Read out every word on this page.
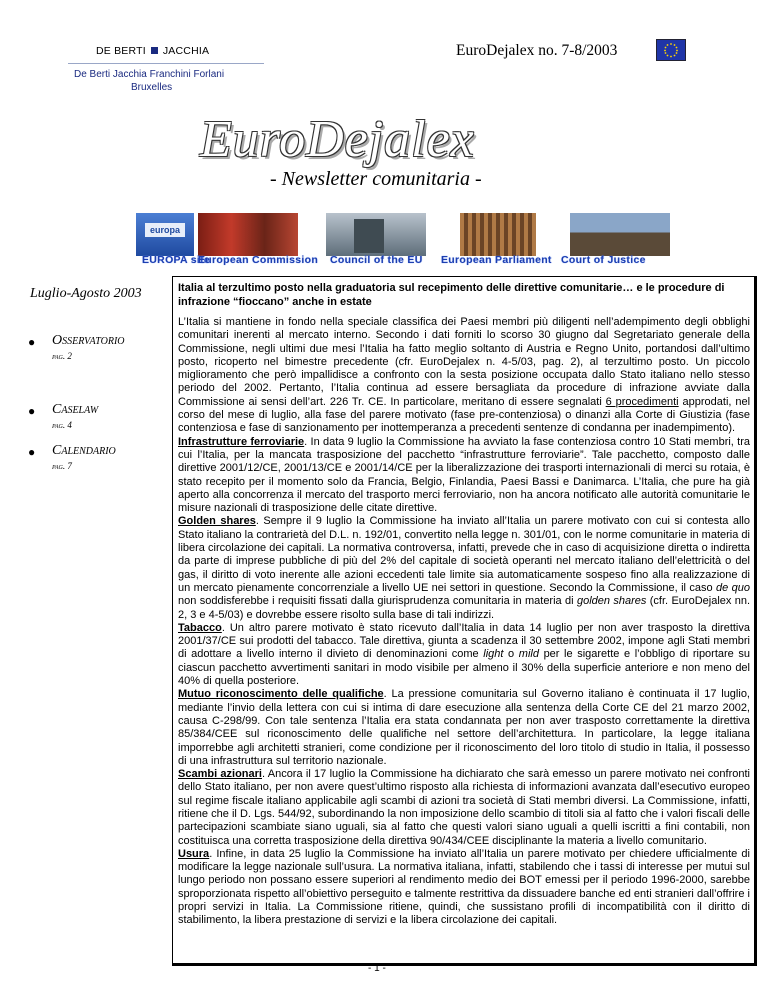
DE BERTI JACCHIA	EuroDejalex no. 7-8/2003
De Berti Jacchia Franchini Forlani
Bruxelles
EuroDejalex
- Newsletter comunitaria -
europa
EUROPA site
European Commission Council of the EU European Parliament Court of Justice
Luglio-Agosto 2003
● Osservatorio
pag. 2
● Caselaw
pag. 4
● Calendario
pag. 7
Italia al terzultimo posto nella graduatoria sul recepimento delle direttive comunitarie… e le procedure di infrazione “fioccano” anche in estate

L’Italia si mantiene in fondo nella speciale classifica dei Paesi membri più diligenti nell’adempimento degli obblighi comunitari inerenti al mercato interno. Secondo i dati forniti lo scorso 30 giugno dal Segretariato generale della Commissione, negli ultimi due mesi l’Italia ha fatto meglio soltanto di Austria e Regno Unito, portandosi dall’ultimo posto, ricoperto nel bimestre precedente (cfr. EuroDejalex n. 4-5/03, pag. 2), al terzultimo posto. Un piccolo miglioramento che però impallidisce a confronto con la sesta posizione occupata dallo Stato italiano nello stesso periodo del 2002. Pertanto, l’Italia continua ad essere bersagliata da procedure di infrazione avviate dalla Commissione ai sensi dell’art. 226 Tr. CE. In particolare, meritano di essere segnalati 6 procedimenti approdati, nel corso del mese di luglio, alla fase del parere motivato (fase pre-contenziosa) o dinanzi alla Corte di Giustizia (fase contenziosa e fase di sanzionamento per inottemperanza a precedenti sentenze di condanna per inadempimento).

Infrastrutture ferroviarie. In data 9 luglio la Commissione ha avviato la fase contenziosa contro 10 Stati membri, tra cui l’Italia, per la mancata trasposizione del pacchetto “infrastrutture ferroviarie”. Tale pacchetto, composto dalle direttive 2001/12/CE, 2001/13/CE e 2001/14/CE per la liberalizzazione dei trasporti internazionali di merci su rotaia, è stato recepito per il momento solo da Francia, Belgio, Finlandia, Paesi Bassi e Danimarca. L’Italia, che pure ha già aperto alla concorrenza il mercato del trasporto merci ferroviario, non ha ancora notificato alle autorità comunitarie le misure nazionali di trasposizione delle citate direttive.

Golden shares. Sempre il 9 luglio la Commissione ha inviato all’Italia un parere motivato con cui si contesta allo Stato italiano la contrarietà del D.L. n. 192/01, convertito nella legge n. 301/01, con le norme comunitarie in materia di libera circolazione dei capitali. La normativa controversa, infatti, prevede che in caso di acquisizione diretta o indiretta da parte di imprese pubbliche di più del 2% del capitale di società operanti nel mercato italiano dell’elettricità o del gas, il diritto di voto inerente alle azioni eccedenti tale limite sia automaticamente sospeso fino alla realizzazione di un mercato pienamente concorrenziale a livello UE nei settori in questione. Secondo la Commissione, il caso de quo non soddisferebbe i requisiti fissati dalla giurisprudenza comunitaria in materia di golden shares (cfr. EuroDejalex nn. 2, 3 e 4-5/03) e dovrebbe essere risolto sulla base di tali indirizzi.

Tabacco. Un altro parere motivato è stato ricevuto dall’Italia in data 14 luglio per non aver trasposto la direttiva 2001/37/CE sui prodotti del tabacco. Tale direttiva, giunta a scadenza il 30 settembre 2002, impone agli Stati membri di adottare a livello interno il divieto di denominazioni come light o mild per le sigarette e l’obbligo di riportare su ciascun pacchetto avvertimenti sanitari in modo visibile per almeno il 30% della superficie anteriore e non meno del 40% di quella posteriore.

Mutuo riconoscimento delle qualifiche. La pressione comunitaria sul Governo italiano è continuata il 17 luglio, mediante l’invio della lettera con cui si intima di dare esecuzione alla sentenza della Corte CE del 21 marzo 2002, causa C-298/99. Con tale sentenza l’Italia era stata condannata per non aver trasposto correttamente la direttiva 85/384/CEE sul riconoscimento delle qualifiche nel settore dell’architettura. In particolare, la legge italiana imporrebbe agli architetti stranieri, come condizione per il riconoscimento del loro titolo di studio in Italia, il possesso di una infrastruttura sul territorio nazionale.

Scambi azionari. Ancora il 17 luglio la Commissione ha dichiarato che sarà emesso un parere motivato nei confronti dello Stato italiano, per non avere quest’ultimo risposto alla richiesta di informazioni avanzata dall’esecutivo europeo sul regime fiscale italiano applicabile agli scambi di azioni tra società di Stati membri diversi. La Commissione, infatti, ritiene che il D. Lgs. 544/92, subordinando la non imposizione dello scambio di titoli sia al fatto che i valori fiscali delle partecipazioni scambiate siano uguali, sia al fatto che questi valori siano uguali a quelli iscritti a fini contabili, non costituisca una corretta trasposizione della direttiva 90/434/CEE disciplinante la materia a livello comunitario.

Usura. Infine, in data 25 luglio la Commissione ha inviato all’Italia un parere motivato per chiedere ufficialmente di modificare la legge nazionale sull’usura. La normativa italiana, infatti, stabilendo che i tassi di interesse per mutui sul lungo periodo non possano essere superiori al rendimento medio dei BOT emessi per il periodo 1996-2000, sarebbe sproporzionata rispetto all’obiettivo perseguito e talmente restrittiva da dissuadere banche ed enti stranieri dall’offrire i propri servizi in Italia. La Commissione ritiene, quindi, che sussistano profili di incompatibilità con il diritto di stabilimento, la libera prestazione di servizi e la libera circolazione dei capitali.

- 1 -
